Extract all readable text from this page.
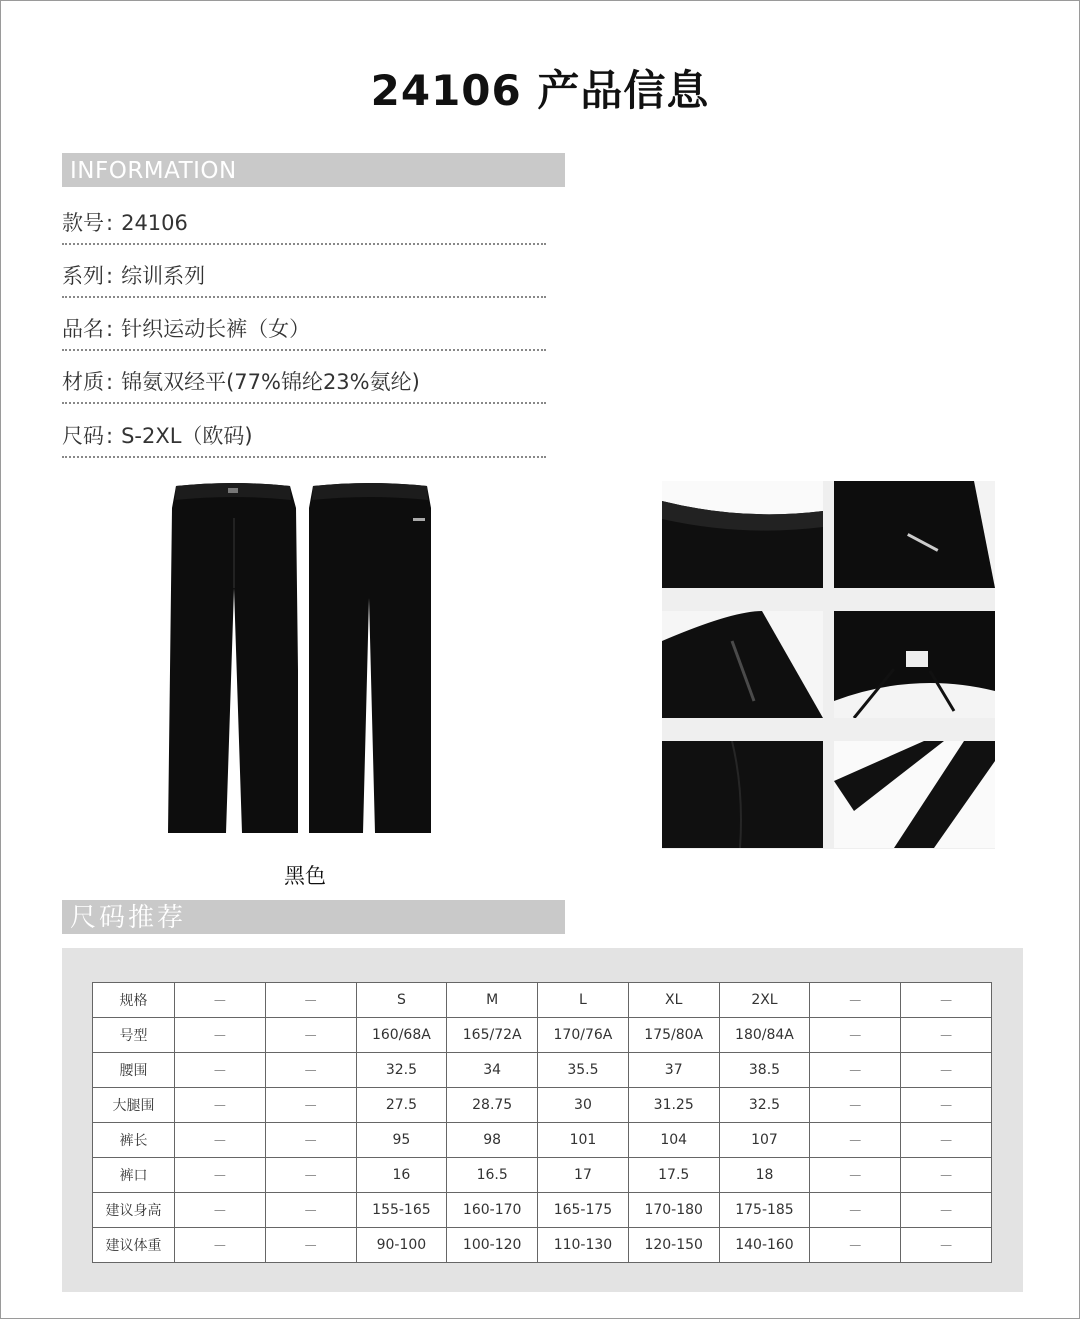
24106 产品信息
INFORMATION
款号: 24106
系列: 综训系列
品名: 针织运动长裤（女）
材质: 锦氨双经平(77%锦纶23%氨纶)
尺码: S-2XL（欧码)
黑色
尺码推荐
规格	—	—	S	M	L	XL	2XL	—	—
号型	—	—	160/68A	165/72A	170/76A	175/80A	180/84A	—	—
腰围	—	—	32.5	34	35.5	37	38.5	—	—
大腿围	—	—	27.5	28.75	30	31.25	32.5	—	—
裤长	—	—	95	98	101	104	107	—	—
裤口	—	—	16	16.5	17	17.5	18	—	—
建议身高	—	—	155-165	160-170	165-175	170-180	175-185	—	—
建议体重	—	—	90-100	100-120	110-130	120-150	140-160	—	—
